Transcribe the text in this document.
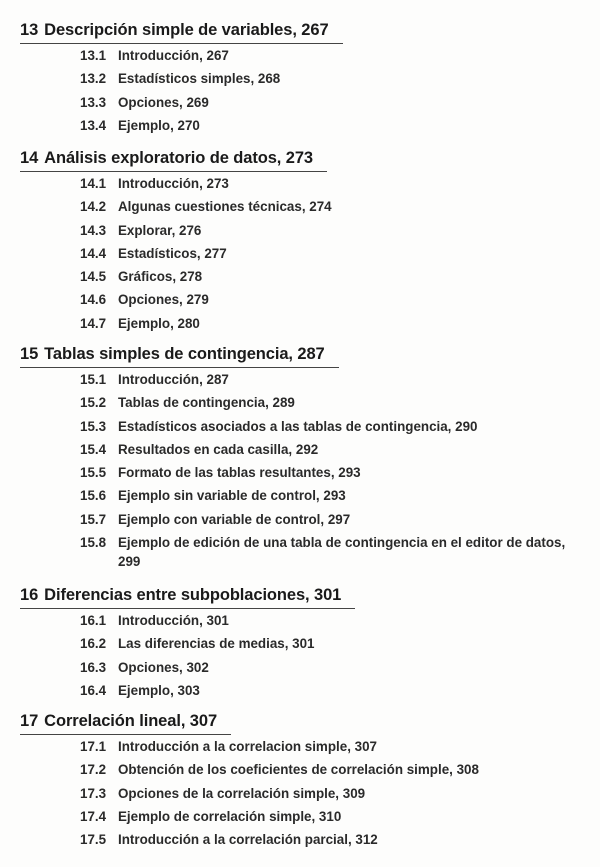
13 Descripción simple de variables, 267
13.1 Introducción, 267
13.2 Estadísticos simples, 268
13.3 Opciones, 269
13.4 Ejemplo, 270
14 Análisis exploratorio de datos, 273
14.1 Introducción, 273
14.2 Algunas cuestiones técnicas, 274
14.3 Explorar, 276
14.4 Estadísticos, 277
14.5 Gráficos, 278
14.6 Opciones, 279
14.7 Ejemplo, 280
15 Tablas simples de contingencia, 287
15.1 Introducción, 287
15.2 Tablas de contingencia, 289
15.3 Estadísticos asociados a las tablas de contingencia, 290
15.4 Resultados en cada casilla, 292
15.5 Formato de las tablas resultantes, 293
15.6 Ejemplo sin variable de control, 293
15.7 Ejemplo con variable de control, 297
15.8 Ejemplo de edición de una tabla de contingencia en el editor de datos, 299
16 Diferencias entre subpoblaciones, 301
16.1 Introducción, 301
16.2 Las diferencias de medias, 301
16.3 Opciones, 302
16.4 Ejemplo, 303
17 Correlación lineal, 307
17.1 Introducción a la correlacion simple, 307
17.2 Obtención de los coeficientes de correlación simple, 308
17.3 Opciones de la correlación simple, 309
17.4 Ejemplo de correlación simple, 310
17.5 Introducción a la correlación parcial, 312
